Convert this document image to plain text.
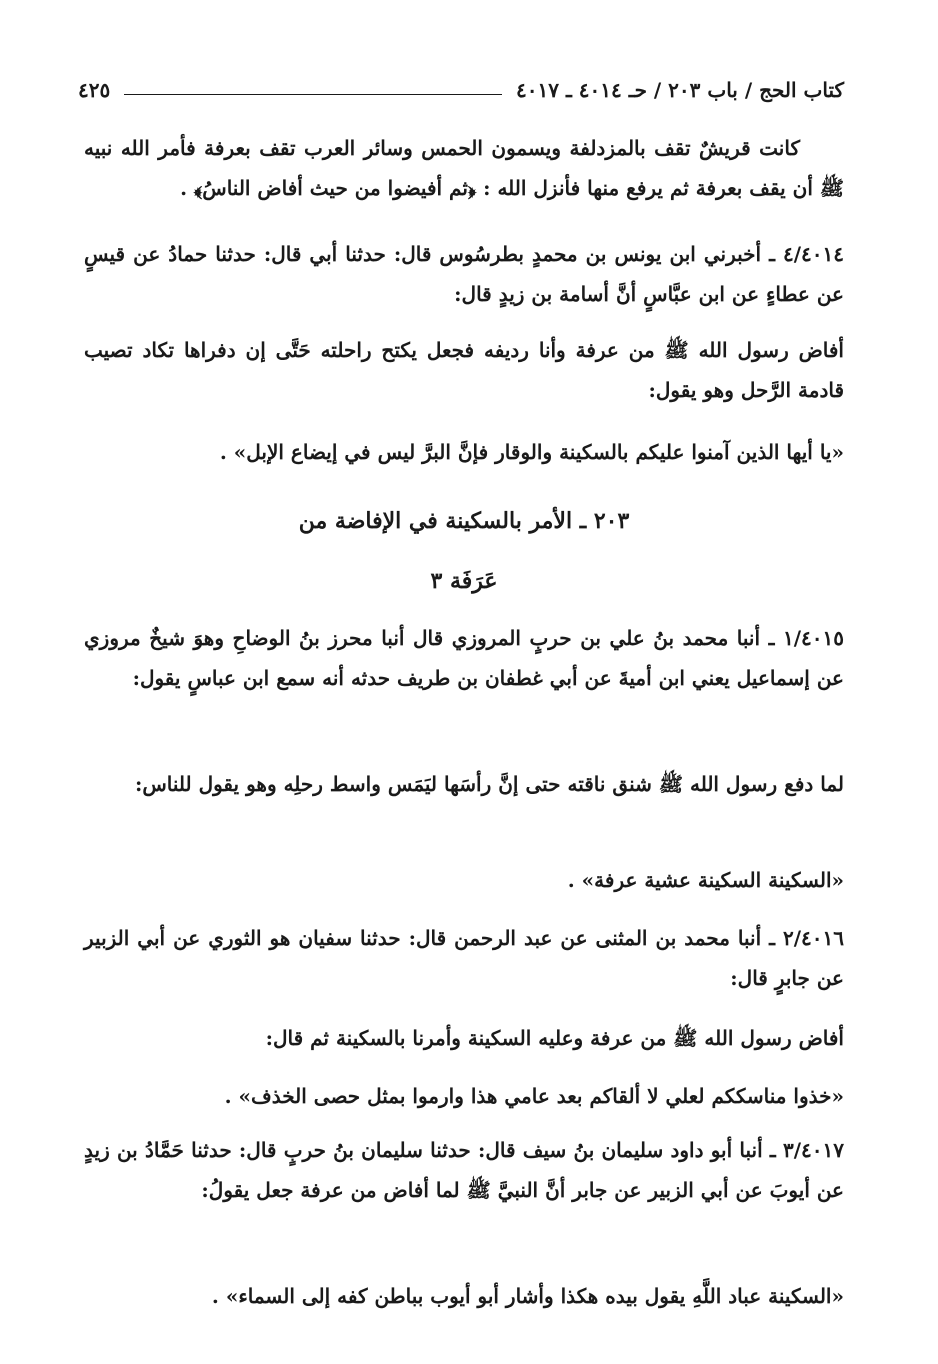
كتاب الحج / باب ٢٠٣ / حـ ٤٠١٤ ـ ٤٠١٧
٤٢٥
كانت قريشٌ تقف بالمزدلفة ويسمون الحمس وسائر العرب تقف بعرفة فأمر الله نبيه ﷺ أن يقف بعرفة ثم يرفع منها فأنزل الله : ﴿ثم أفيضوا من حيث أفاض الناسُ﴾ .
٤/٤٠١٤ ـ أخبرني ابن يونس بن محمدٍ بطرسُوس قال: حدثنا أبي قال: حدثنا حمادُ عن قيسٍ عن عطاءٍ عن ابن عبَّاسٍ أنَّ أسامة بن زيدٍ قال:
أفاض رسول الله ﷺ من عرفة وأنا رديفه فجعل يكتح راحلته حَتَّى إن دفراها تكاد تصيب قادمة الرَّحل وهو يقول:
«يا أيها الذين آمنوا عليكم بالسكينة والوقار فإنَّ البرَّ ليس في إيضاع الإبل» .
٢٠٣ ـ الأمر بالسكينة في الإفاضة من
عَرَفَة ٣
١/٤٠١٥ ـ أنبا محمد بنُ علي بن حربٍ المروزي قال أنبا محرز بنُ الوضاحِ وهوَ شيخٌ مروزي عن إسماعيل يعني ابن أميةَ عن أبي غطفان بن طريف حدثه أنه سمع ابن عباسٍ يقول:
لما دفع رسول الله ﷺ شنق ناقته حتى إنَّ رأسَها ليَمَس واسط رحلِه وهو يقول للناس:
«السكينة السكينة عشية عرفة» .
٢/٤٠١٦ ـ أنبا محمد بن المثنى عن عبد الرحمن قال: حدثنا سفيان هو الثوري عن أبي الزبير عن جابرٍ قال:
أفاض رسول الله ﷺ من عرفة وعليه السكينة وأمرنا بالسكينة ثم قال:
«خذوا مناسككم لعلي لا ألقاكم بعد عامي هذا وارموا بمثل حصى الخذف» .
٣/٤٠١٧ ـ أنبا أبو داود سليمان بنُ سيف قال: حدثنا سليمان بنُ حربٍ قال: حدثنا حَمَّادُ بن زيدٍ عن أيوبَ عن أبي الزبير عن جابر أنَّ النبيَّ ﷺ لما أفاض من عرفة جعل يقولُ:
«السكينة عباد اللَّهِ يقول بيده هكذا وأشار أبو أيوب بباطن كفه إلى السماء» .
